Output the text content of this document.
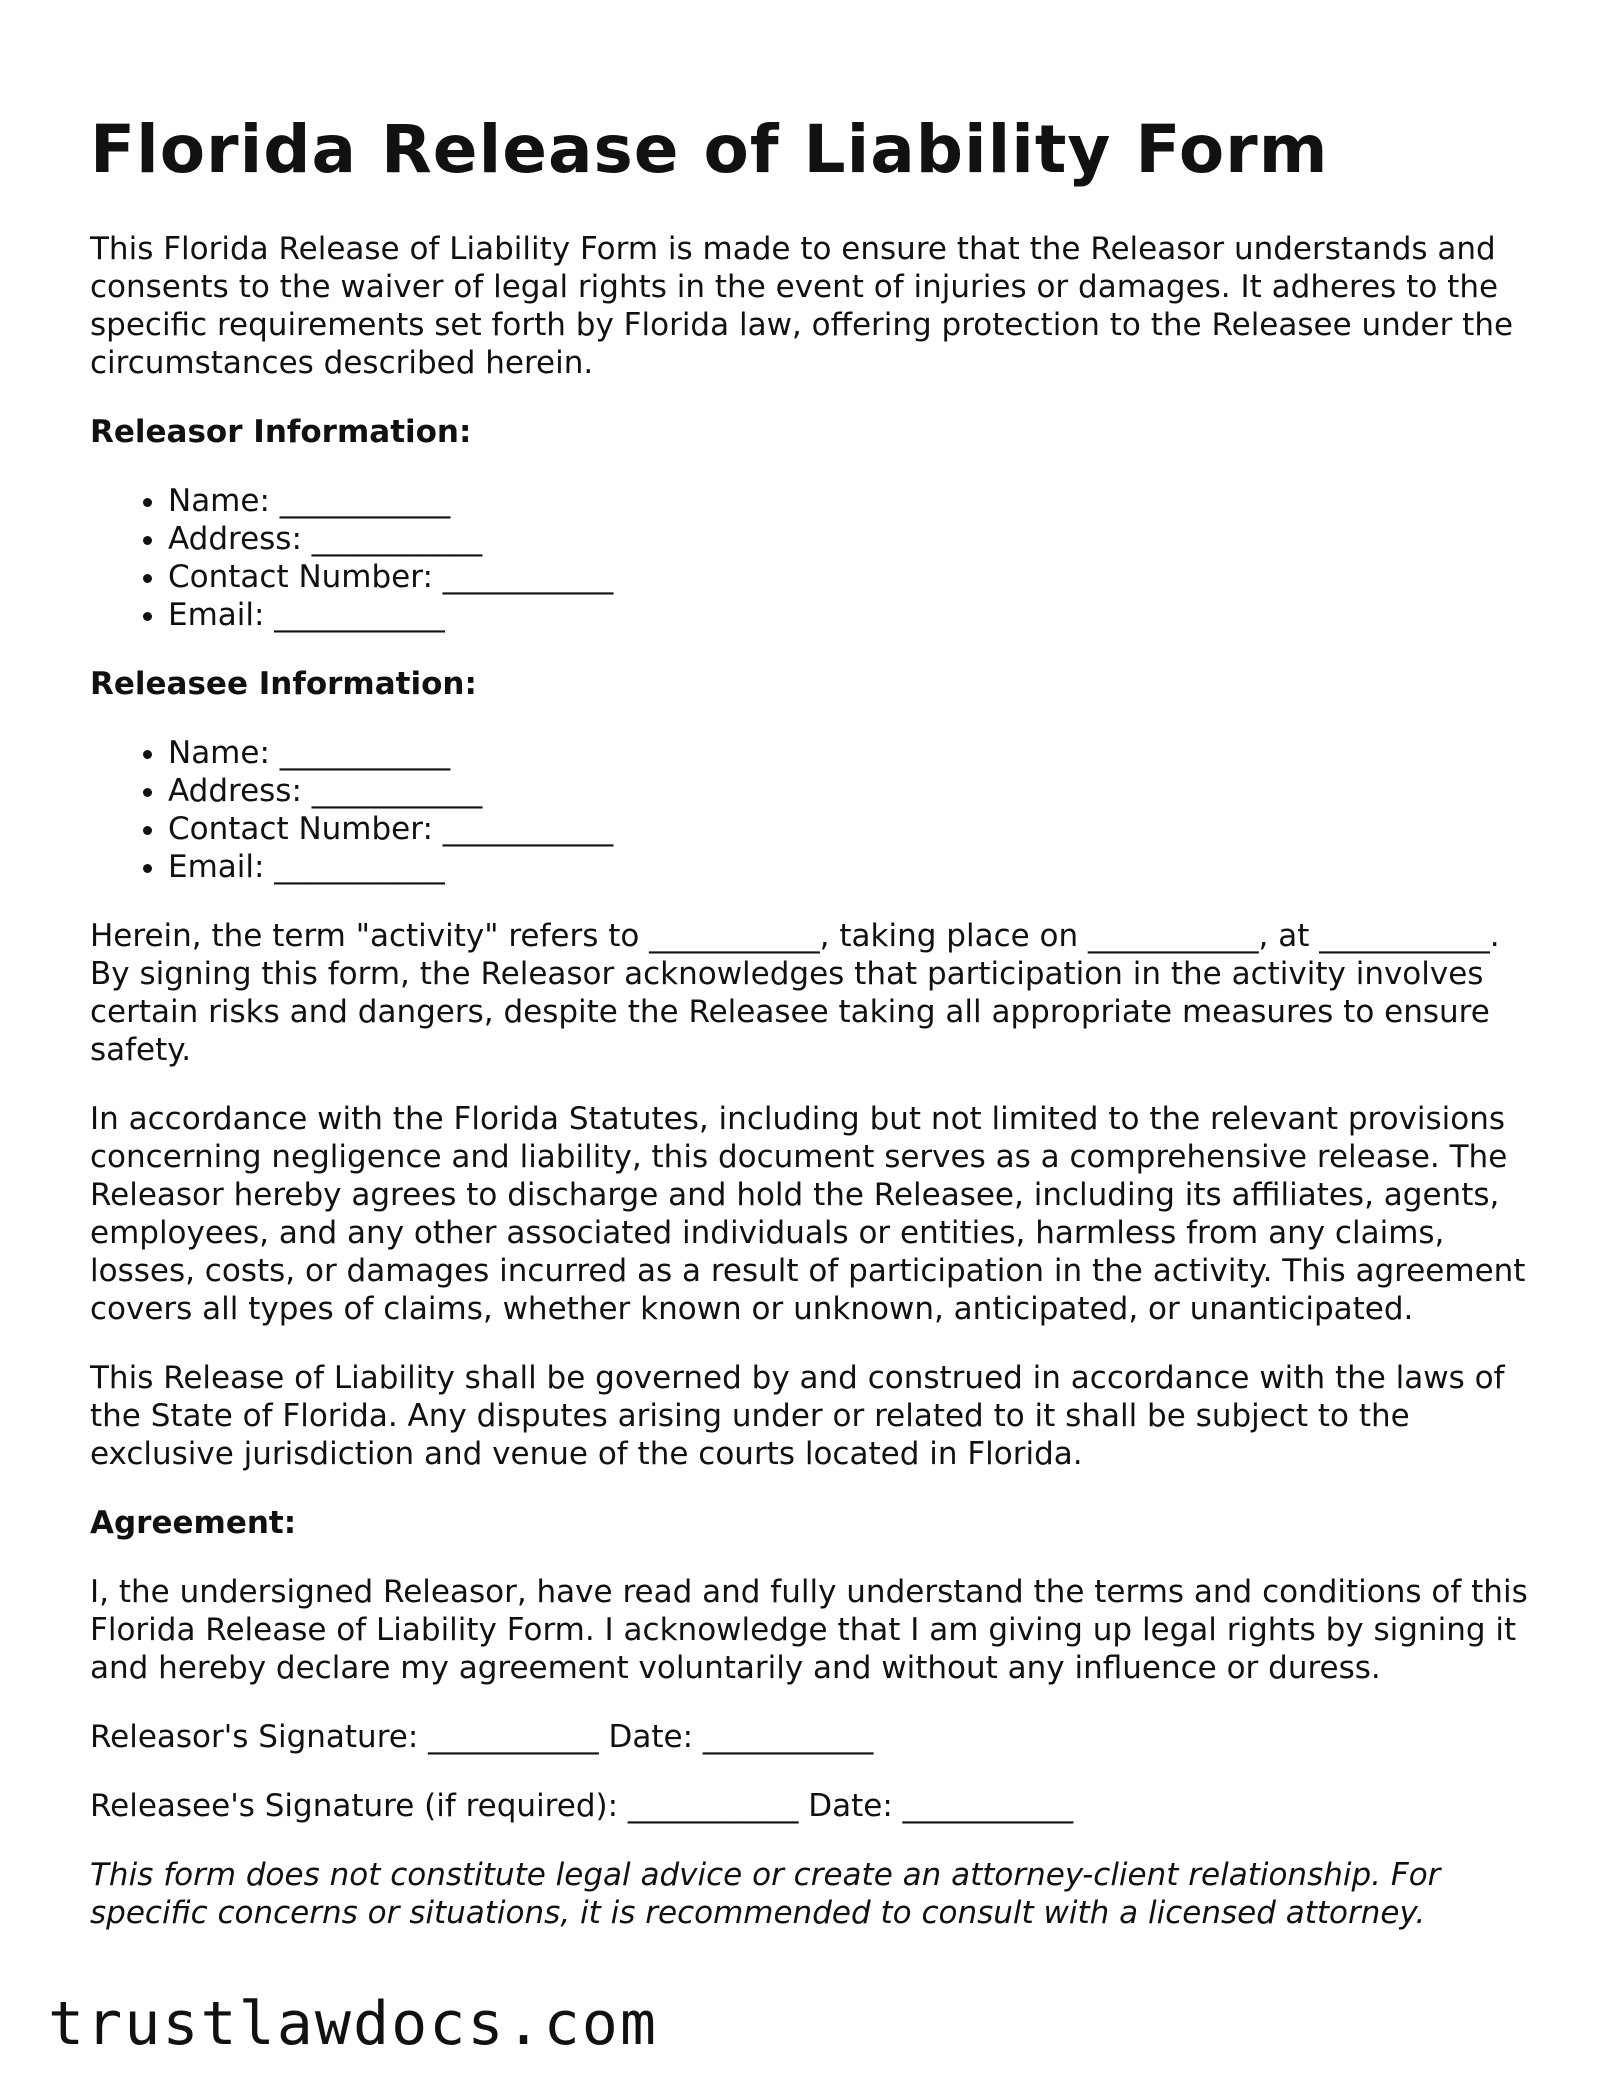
Florida Release of Liability Form

This Florida Release of Liability Form is made to ensure that the Releasor understands and consents to the waiver of legal rights in the event of injuries or damages. It adheres to the specific requirements set forth by Florida law, offering protection to the Releasee under the circumstances described herein.

Releasor Information:
• Name: ___________
• Address: ___________
• Contact Number: ___________
• Email: ___________
Releasee Information:
• Name: ___________
• Address: ___________
• Contact Number: ___________
• Email: ___________

Herein, the term "activity" refers to ___________, taking place on ___________, at ___________. By signing this form, the Releasor acknowledges that participation in the activity involves certain risks and dangers, despite the Releasee taking all appropriate measures to ensure safety.

In accordance with the Florida Statutes, including but not limited to the relevant provisions concerning negligence and liability, this document serves as a comprehensive release. The Releasor hereby agrees to discharge and hold the Releasee, including its affiliates, agents, employees, and any other associated individuals or entities, harmless from any claims, losses, costs, or damages incurred as a result of participation in the activity. This agreement covers all types of claims, whether known or unknown, anticipated, or unanticipated.

This Release of Liability shall be governed by and construed in accordance with the laws of the State of Florida. Any disputes arising under or related to it shall be subject to the exclusive jurisdiction and venue of the courts located in Florida.

Agreement:

I, the undersigned Releasor, have read and fully understand the terms and conditions of this Florida Release of Liability Form. I acknowledge that I am giving up legal rights by signing it and hereby declare my agreement voluntarily and without any influence or duress.

Releasor's Signature: ___________ Date: ___________

Releasee's Signature (if required): ___________ Date: ___________

This form does not constitute legal advice or create an attorney-client relationship. For specific concerns or situations, it is recommended to consult with a licensed attorney.

trustlawdocs.com
